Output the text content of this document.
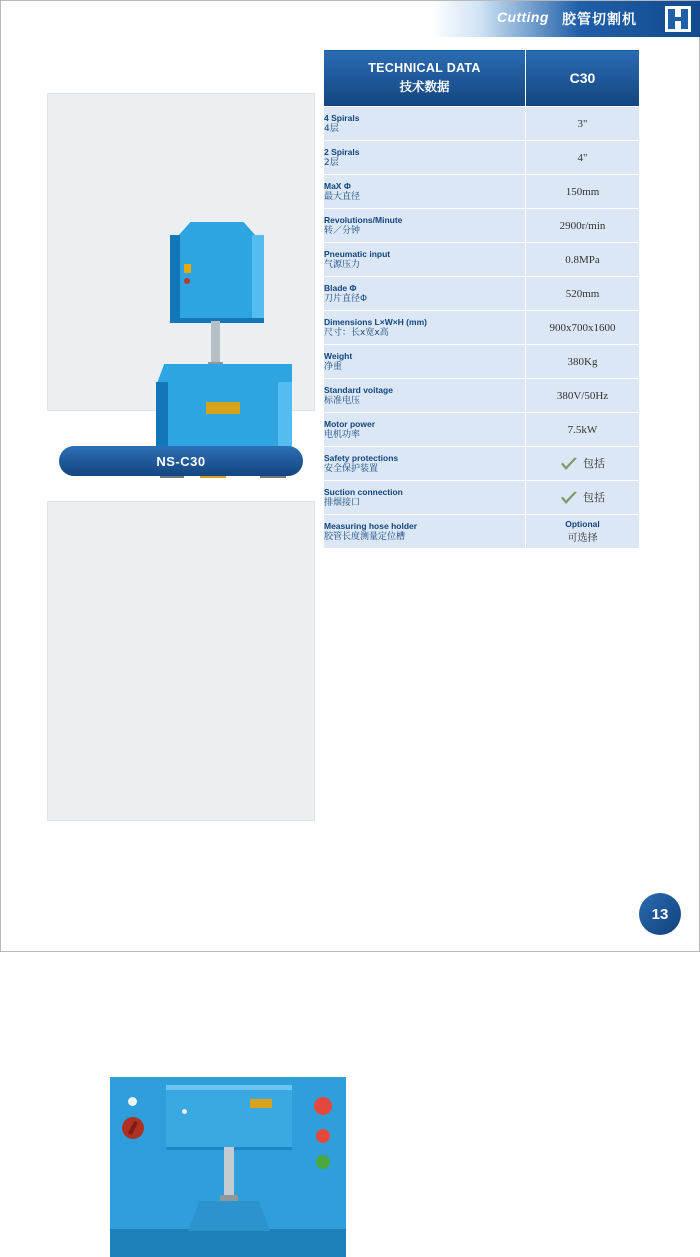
Cutting 胶管切割机
NS-C30
TECHNICAL DATA
技术数据	C30

4 Spirals
4层	3"

2 Spirals
2层	4"

MaX Φ
最大直径	150mm

Revolutions/Minute
转／分钟	2900r/min

Pneumatic input
气源压力	0.8MPa

Blade Φ
刀片直径Φ	520mm

Dimensions L×W×H (mm)
尺寸：长x宽x高	900x700x1600

Weight
净重	380Kg

Standard voitage
标准电压	380V/50Hz

Motor power
电机功率	7.5kW

Safety protections
安全保护装置	包括

Suction connection
排烟接口	包括

Measuring hose holder
胶管长度测量定位槽	Optional
可选择
13
